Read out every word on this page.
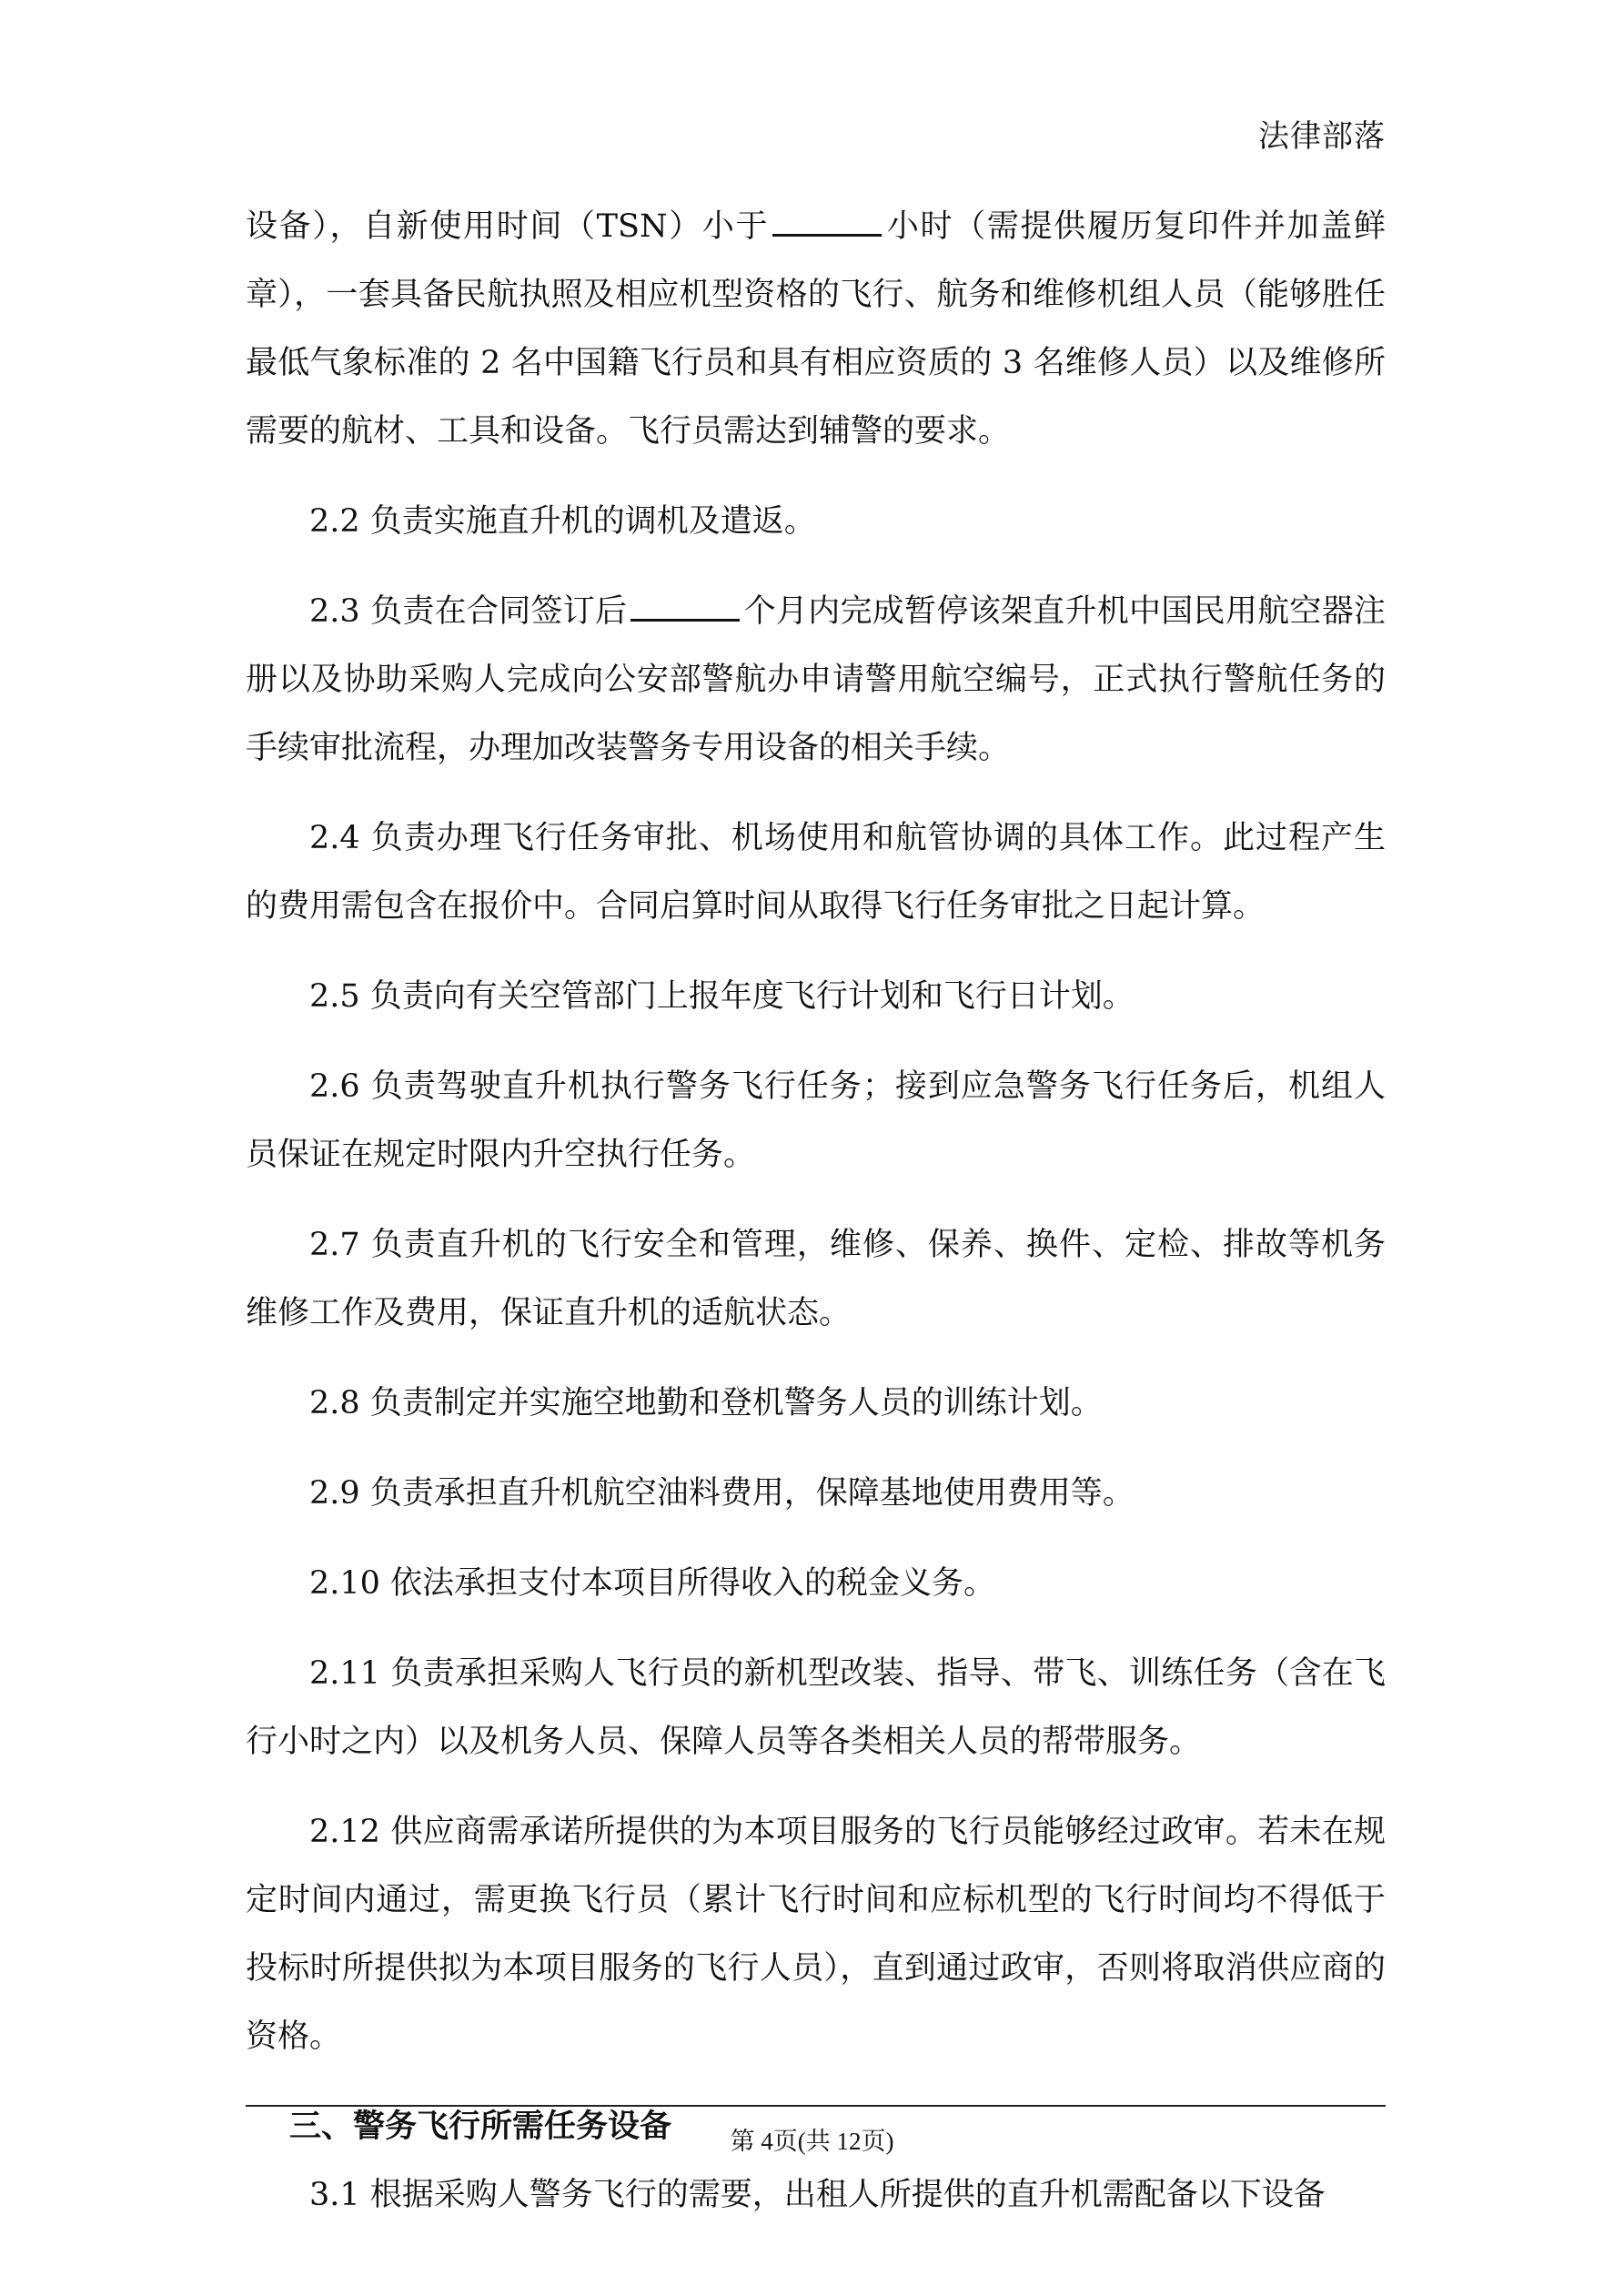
法律部落

设备），自新使用时间（TSN）小于	小时（需提供履历复印件并加盖鲜章），一套具备民航执照及相应机型资格的飞行、航务和维修机组人员（能够胜任最低气象标准的 2 名中国籍飞行员和具有相应资质的 3 名维修人员）以及维修所需要的航材、工具和设备。飞行员需达到辅警的要求。

2.2 负责实施直升机的调机及遣返。

2.3 负责在合同签订后	个月内完成暂停该架直升机中国民用航空器注册以及协助采购人完成向公安部警航办申请警用航空编号，正式执行警航任务的手续审批流程，办理加改装警务专用设备的相关手续。

2.4 负责办理飞行任务审批、机场使用和航管协调的具体工作。此过程产生的费用需包含在报价中。合同启算时间从取得飞行任务审批之日起计算。

2.5 负责向有关空管部门上报年度飞行计划和飞行日计划。

2.6 负责驾驶直升机执行警务飞行任务；接到应急警务飞行任务后，机组人员保证在规定时限内升空执行任务。

2.7 负责直升机的飞行安全和管理，维修、保养、换件、定检、排故等机务维修工作及费用，保证直升机的适航状态。

2.8 负责制定并实施空地勤和登机警务人员的训练计划。

2.9 负责承担直升机航空油料费用，保障基地使用费用等。

2.10 依法承担支付本项目所得收入的税金义务。

2.11 负责承担采购人飞行员的新机型改装、指导、带飞、训练任务（含在飞行小时之内）以及机务人员、保障人员等各类相关人员的帮带服务。

2.12 供应商需承诺所提供的为本项目服务的飞行员能够经过政审。若未在规定时间内通过，需更换飞行员（累计飞行时间和应标机型的飞行时间均不得低于投标时所提供拟为本项目服务的飞行人员），直到通过政审，否则将取消供应商的资格。

三、警务飞行所需任务设备

3.1 根据采购人警务飞行的需要，出租人所提供的直升机需配备以下设备

第 4页(共 12页)
